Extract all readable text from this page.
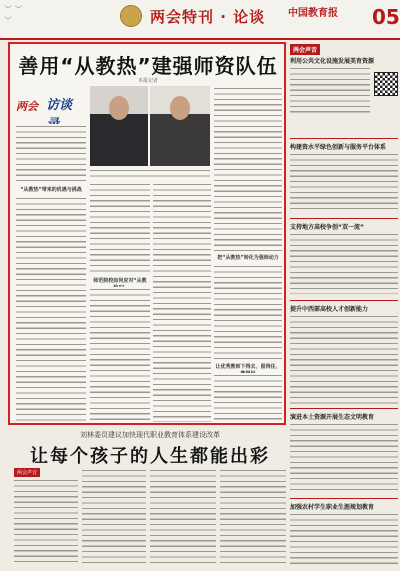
︶ ︶ ︶	两会特刊 · 论谈 中国教育报 05
善用“从教热”建强师资队伍
本报记者
两会 访谈
“从教热”带来的机遇与挑战
师范院校如何应对“从教
把“从教热”转化为强师动力
让优秀教师下得去、留得住、
两会声音
利用公共文化设施发展美育资源
构建资水平绿色创新与服务平台体系
支持地方高校争创“双一流”
提升中西部高校人才创新能力
演进本土资源开展生态文明教育
加强农村学生职业生涯规划教育
刘林委员建议加快现代职业教育体系建设改革
让每个孩子的人生都能出彩
两会声音
